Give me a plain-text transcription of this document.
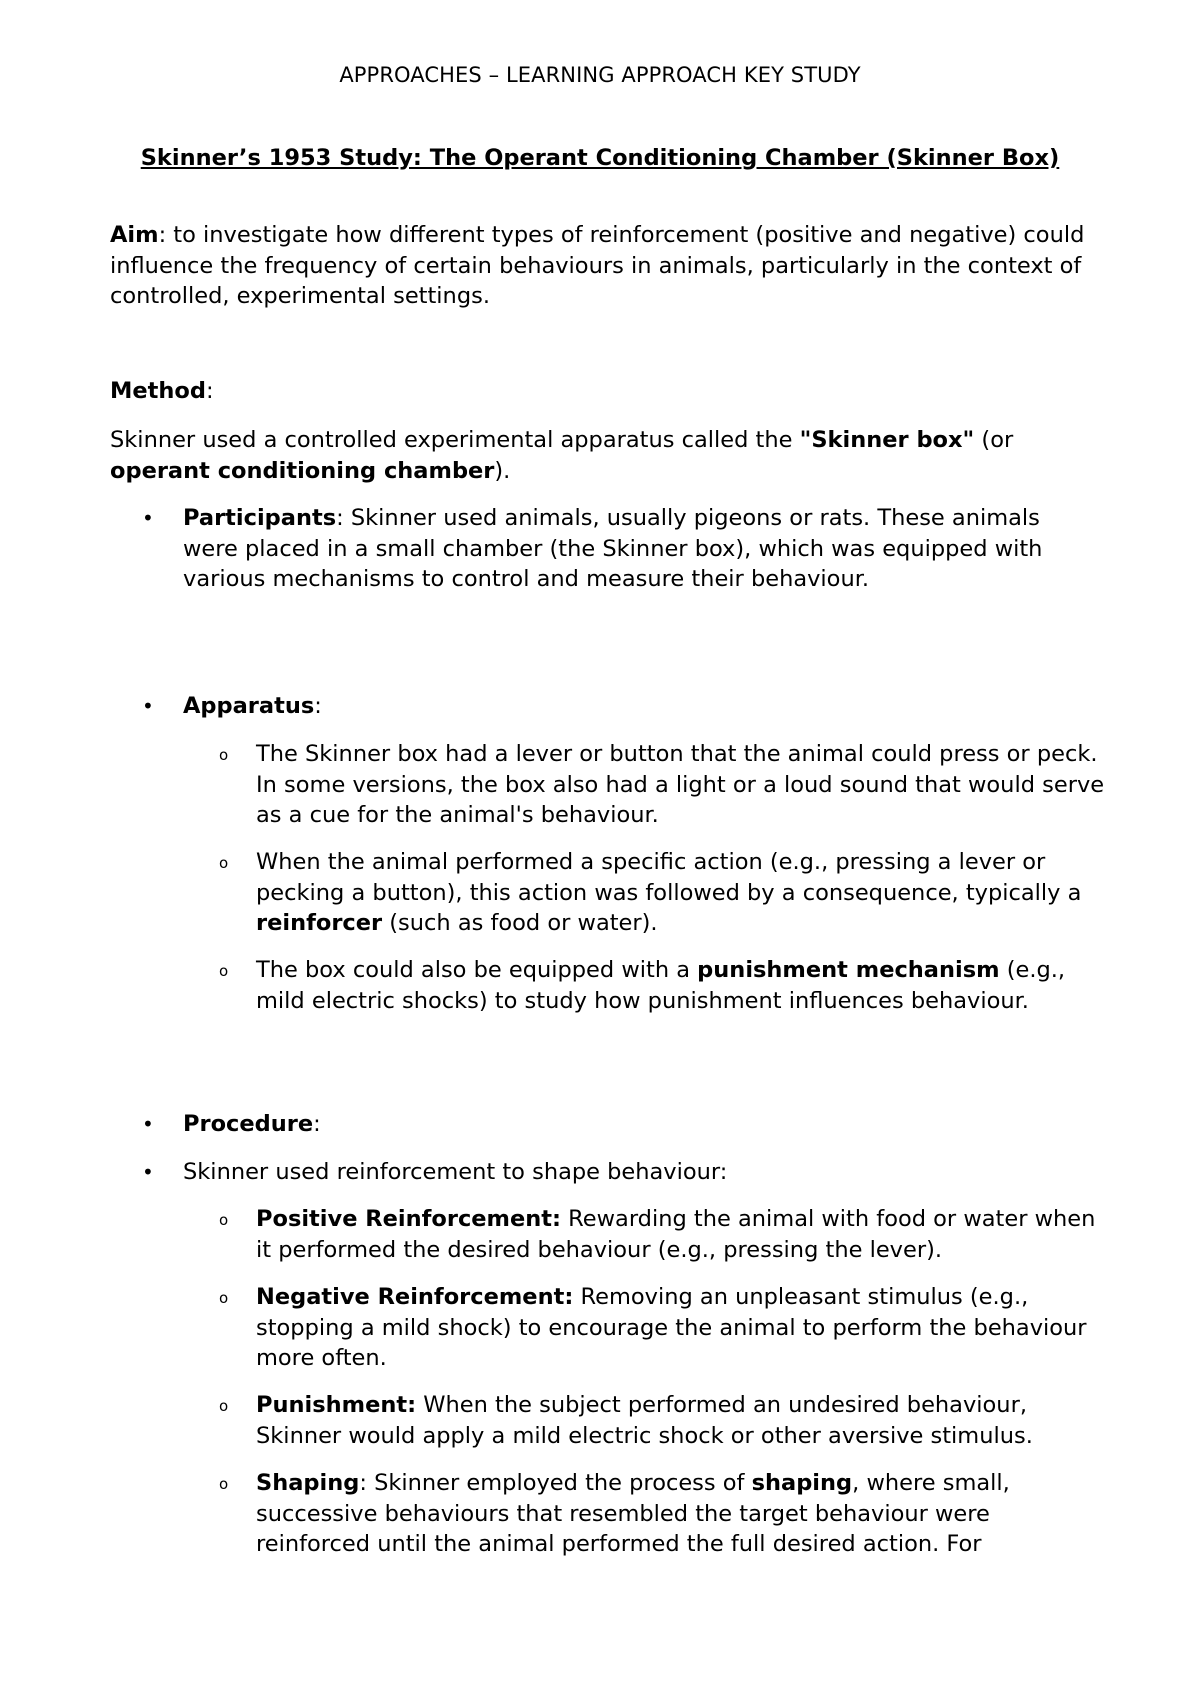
APPROACHES – LEARNING APPROACH KEY STUDY

Skinner’s 1953 Study: The Operant Conditioning Chamber (Skinner Box)

Aim: to investigate how different types of reinforcement (positive and negative) could influence the frequency of certain behaviours in animals, particularly in the context of controlled, experimental settings.

Method:

Skinner used a controlled experimental apparatus called the "Skinner box" (or operant conditioning chamber).

• Participants: Skinner used animals, usually pigeons or rats. These animals were placed in a small chamber (the Skinner box), which was equipped with various mechanisms to control and measure their behaviour.

• Apparatus:

o The Skinner box had a lever or button that the animal could press or peck. In some versions, the box also had a light or a loud sound that would serve as a cue for the animal's behaviour.

o When the animal performed a specific action (e.g., pressing a lever or pecking a button), this action was followed by a consequence, typically a reinforcer (such as food or water).

o The box could also be equipped with a punishment mechanism (e.g., mild electric shocks) to study how punishment influences behaviour.

• Procedure:

• Skinner used reinforcement to shape behaviour:

o Positive Reinforcement: Rewarding the animal with food or water when it performed the desired behaviour (e.g., pressing the lever).

o Negative Reinforcement: Removing an unpleasant stimulus (e.g., stopping a mild shock) to encourage the animal to perform the behaviour more often.

o Punishment: When the subject performed an undesired behaviour, Skinner would apply a mild electric shock or other aversive stimulus.

o Shaping: Skinner employed the process of shaping, where small, successive behaviours that resembled the target behaviour were reinforced until the animal performed the full desired action. For
